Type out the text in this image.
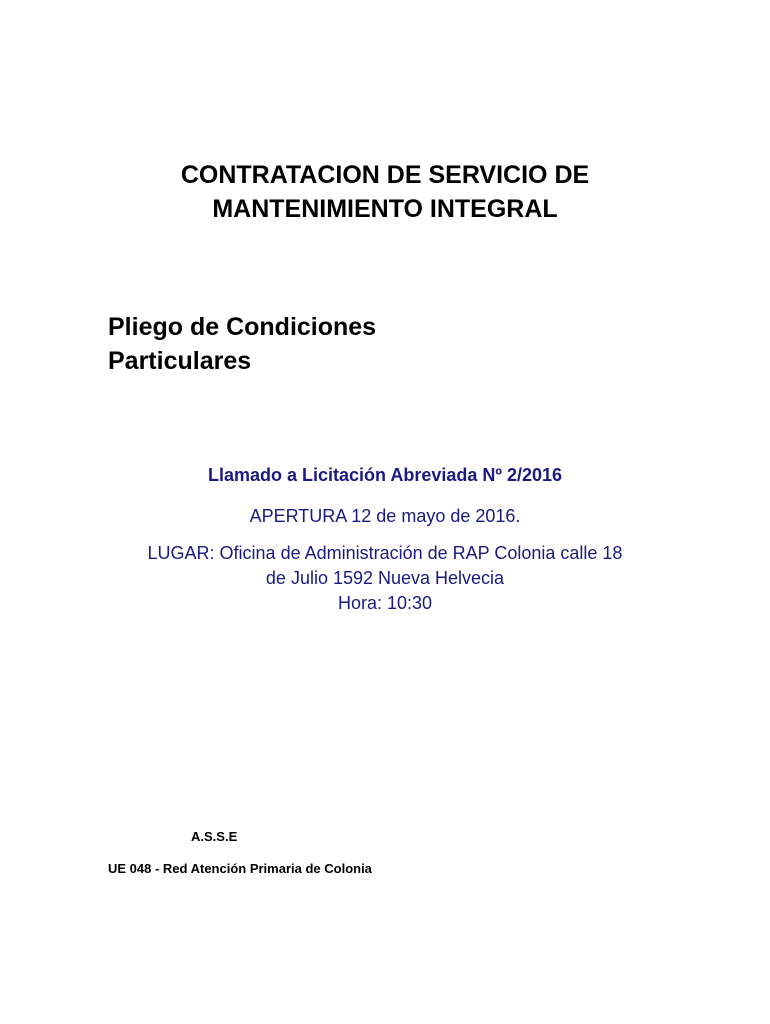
CONTRATACION DE SERVICIO DE
MANTENIMIENTO INTEGRAL
Pliego de Condiciones
Particulares

Llamado a Licitación Abreviada Nº 2/2016

APERTURA 12 de mayo de 2016.

LUGAR: Oficina de Administración de RAP Colonia calle 18
de Julio 1592 Nueva Helvecia
Hora: 10:30

A.S.S.E

UE 048 - Red Atención Primaria de Colonia
